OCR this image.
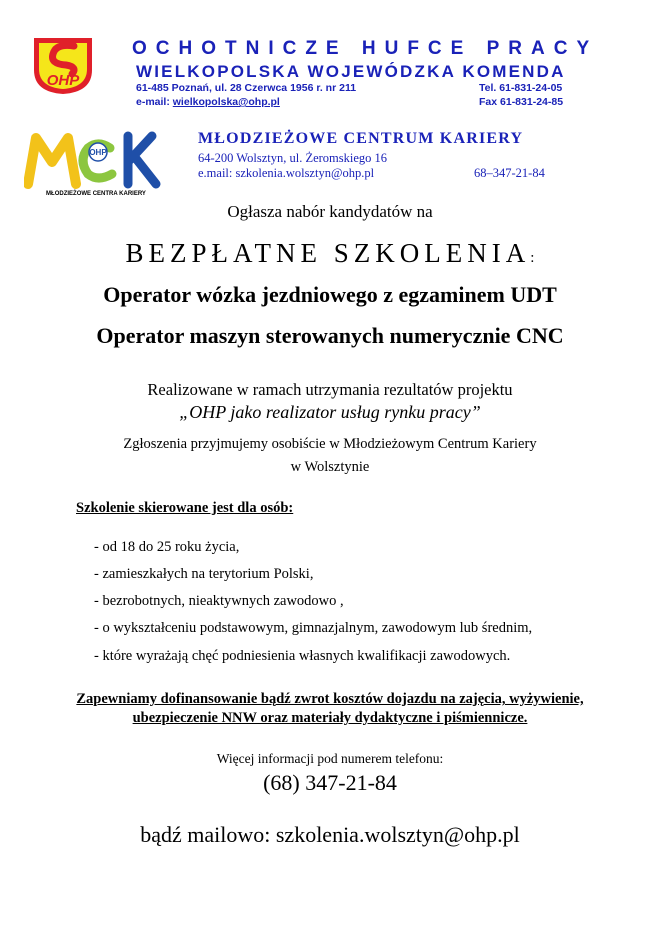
OHP
OCHOTNICZE HUFCE PRACY
WIELKOPOLSKA WOJEWÓDZKA KOMENDA
61-485 Poznań, ul. 28 Czerwca 1956 r. nr 211
e-mail: wielkopolska@ohp.pl
Tel. 61-831-24-05
Fax 61-831-24-85
OHP
MŁODZIEŻOWE CENTRA KARIERY
MŁODZIEŻOWE CENTRUM KARIERY
64-200 Wolsztyn, ul. Żeromskiego 16
e.mail: szkolenia.wolsztyn@ohp.pl	68–347-21-84
Ogłasza nabór kandydatów na
BEZPŁATNE SZKOLENIA:
Operator wózka jezdniowego z egzaminem UDT
Operator maszyn sterowanych numerycznie CNC
Realizowane w ramach utrzymania rezultatów projektu
„OHP jako realizator usług rynku pracy”
Zgłoszenia przyjmujemy osobiście w Młodzieżowym Centrum Kariery
w Wolsztynie
Szkolenie skierowane jest dla osób:
- od 18 do 25 roku życia,
- zamieszkałych na terytorium Polski,
- bezrobotnych, nieaktywnych zawodowo ,
- o wykształceniu podstawowym, gimnazjalnym, zawodowym lub średnim,
- które wyrażają chęć podniesienia własnych kwalifikacji zawodowych.
Zapewniamy dofinansowanie bądź zwrot kosztów dojazdu na zajęcia, wyżywienie,
ubezpieczenie NNW oraz materiały dydaktyczne i piśmiennicze.
Więcej informacji pod numerem telefonu:
(68) 347-21-84
bądź mailowo: szkolenia.wolsztyn@ohp.pl
